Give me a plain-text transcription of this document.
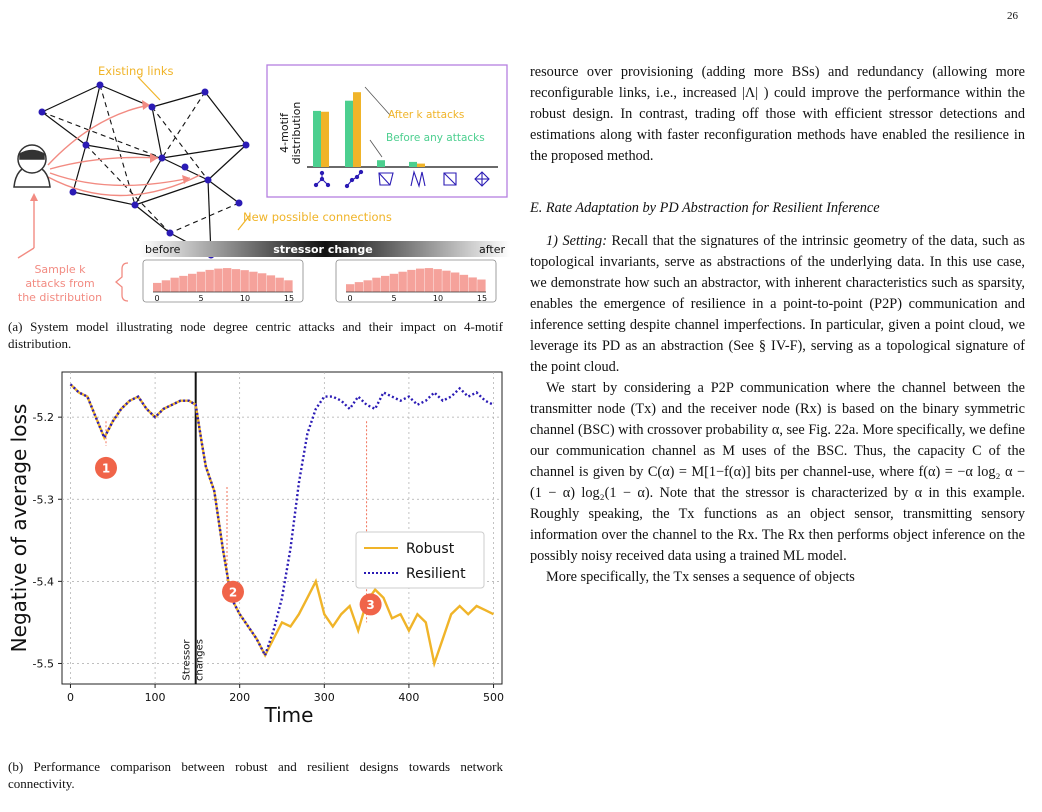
26
Existing links
New possible connections
4-motif distribution	After k attacks
Before any attacks
before	stressor change	after
Sample k
attacks from
the distribution	0	5	10	15	0	5	10	15
(a) System model illustrating node degree centric attacks and their impact on 4-motif distribution.
-5.2
-5.3
-5.4
-5.5
0	100	200	300	400	500
Stressor changes
1
2
3
Robust
Resilient
Time
Negative of average loss
(b) Performance comparison between robust and resilient designs towards network connectivity.

resource over provisioning (adding more BSs) and redundancy (allowing more reconfigurable links, i.e., increased |Λ| ) could improve the performance within the robust design. In contrast, trading off those with efficient stressor detections and estimations along with faster reconfiguration methods have enabled the resilience in the proposed method.

E. Rate Adaptation by PD Abstraction for Resilient Inference

1) Setting: Recall that the signatures of the intrinsic geometry of the data, such as topological invariants, serve as abstractions of the underlying data. In this use case, we demonstrate how such an abstractor, with inherent characteristics such as sparsity, enables the emergence of resilience in a point-to-point (P2P) communication and inference setting despite channel imperfections. In particular, given a point cloud, we leverage its PD as an abstraction (See § IV-F), serving as a topological signature of the point cloud.

We start by considering a P2P communication where the channel between the transmitter node (Tx) and the receiver node (Rx) is based on the binary symmetric channel (BSC) with crossover probability α, see Fig. 22a. More specifically, we define our communication channel as M uses of the BSC. Thus, the capacity C of the channel is given by C(α) = M[1−f(α)] bits per channel-use, where f(α) = −α log₂ α − (1 − α) log₂(1 − α). Note that the stressor is characterized by α in this example. Roughly speaking, the Tx functions as an object sensor, transmitting sensory information over the channel to the Rx. The Rx then performs object inference on the possibly noisy received data using a trained ML model.

More specifically, the Tx senses a sequence of objects
